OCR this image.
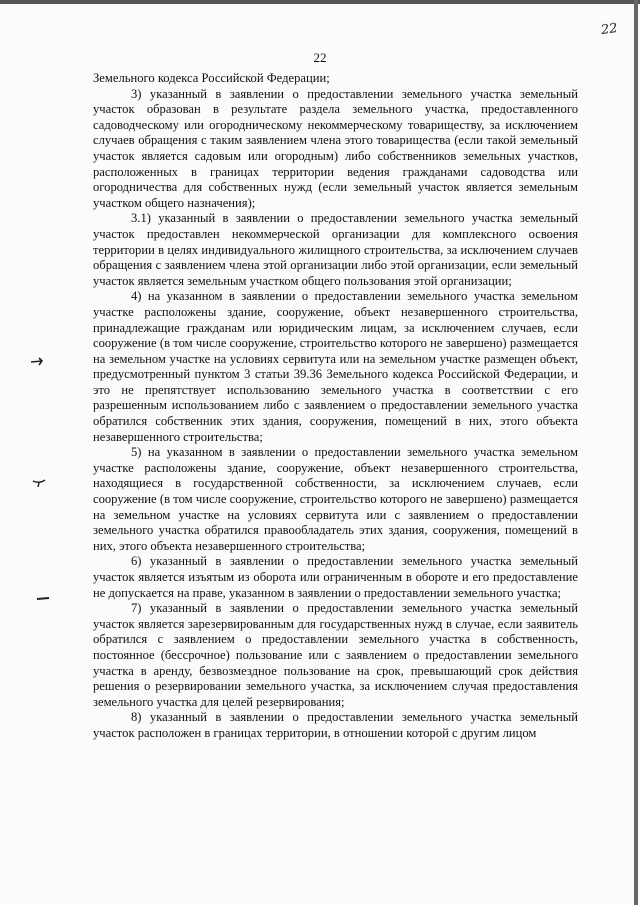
22
22

Земельного кодекса Российской Федерации;

3) указанный в заявлении о предоставлении земельного участка земельный участок образован в результате раздела земельного участка, предоставленного садоводческому или огородническому некоммерческому товариществу, за исключением случаев обращения с таким заявлением члена этого товарищества (если такой земельный участок является садовым или огородным) либо собственников земельных участков, расположенных в границах территории ведения гражданами садоводства или огородничества для собственных нужд (если земельный участок является земельным участком общего назначения);

3.1) указанный в заявлении о предоставлении земельного участка земельный участок предоставлен некоммерческой организации для комплексного освоения территории в целях индивидуального жилищного строительства, за исключением случаев обращения с заявлением члена этой организации либо этой организации, если земельный участок является земельным участком общего пользования этой организации;

4) на указанном в заявлении о предоставлении земельного участка земельном участке расположены здание, сооружение, объект незавершенного строительства, принадлежащие гражданам или юридическим лицам, за исключением случаев, если сооружение (в том числе сооружение, строительство которого не завершено) размещается на земельном участке на условиях сервитута или на земельном участке размещен объект, предусмотренный пунктом 3 статьи 39.36 Земельного кодекса Российской Федерации, и это не препятствует использованию земельного участка в соответствии с его разрешенным использованием либо с заявлением о предоставлении земельного участка обратился собственник этих здания, сооружения, помещений в них, этого объекта незавершенного строительства;

5) на указанном в заявлении о предоставлении земельного участка земельном участке расположены здание, сооружение, объект незавершенного строительства, находящиеся в государственной собственности, за исключением случаев, если сооружение (в том числе сооружение, строительство которого не завершено) размещается на земельном участке на условиях сервитута или с заявлением о предоставлении земельного участка обратился правообладатель этих здания, сооружения, помещений в них, этого объекта незавершенного строительства;

6) указанный в заявлении о предоставлении земельного участка земельный участок является изъятым из оборота или ограниченным в обороте и его предоставление не допускается на праве, указанном в заявлении о предоставлении земельного участка;

7) указанный в заявлении о предоставлении земельного участка земельный участок является зарезервированным для государственных нужд в случае, если заявитель обратился с заявлением о предоставлении земельного участка в собственность, постоянное (бессрочное) пользование или с заявлением о предоставлении земельного участка в аренду, безвозмездное пользование на срок, превышающий срок действия решения о резервировании земельного участка, за исключением случая предоставления земельного участка для целей резервирования;

8) указанный в заявлении о предоставлении земельного участка земельный участок расположен в границах территории, в отношении которой с другим лицом
